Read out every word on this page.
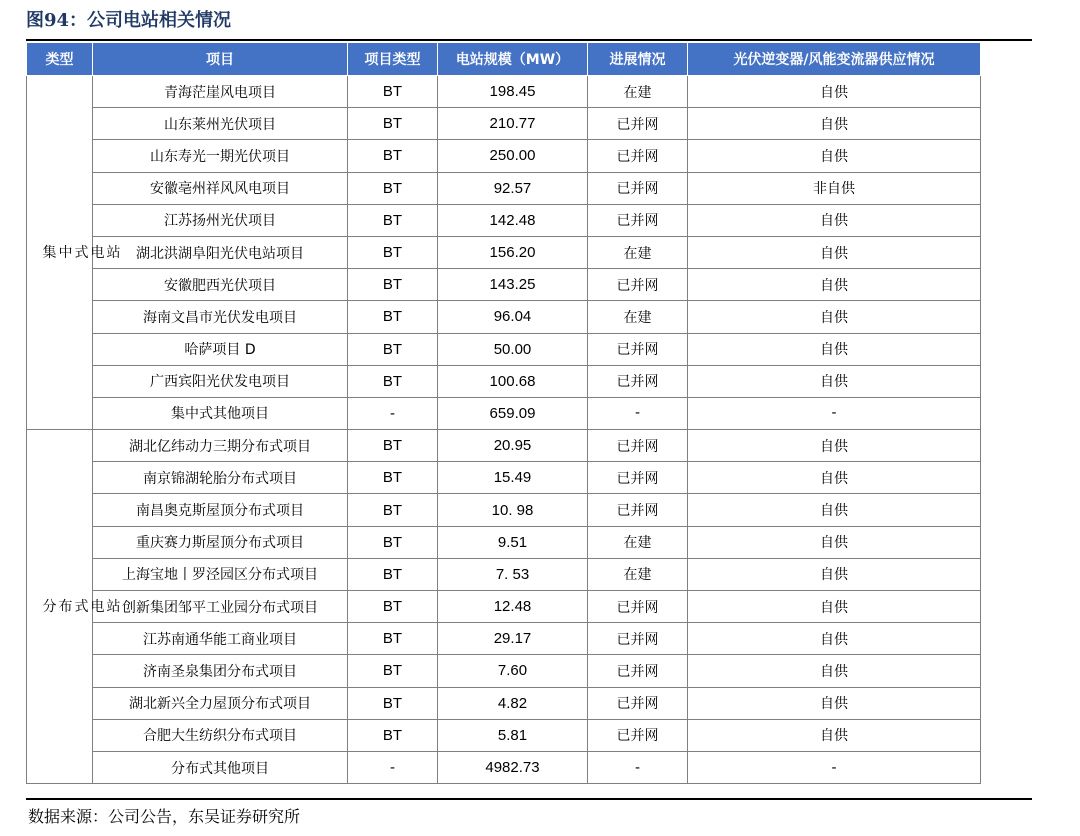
图94：公司电站相关情况
类型	项目	项目类型	电站规模（MW）	进展情况	光伏逆变器/风能变流器供应情况

集中式电站	青海茫崖风电项目	BT	198.45	在建	自供
	山东莱州光伏项目	BT	210.77	已并网	自供
	山东寿光一期光伏项目	BT	250.00	已并网	自供
	安徽亳州祥风风电项目	BT	92.57	已并网	非自供
	江苏扬州光伏项目	BT	142.48	已并网	自供
	湖北洪湖阜阳光伏电站项目	BT	156.20	在建	自供
	安徽肥西光伏项目	BT	143.25	已并网	自供
	海南文昌市光伏发电项目	BT	96.04	在建	自供
	哈萨项目 D	BT	50.00	已并网	自供
	广西宾阳光伏发电项目	BT	100.68	已并网	自供
	集中式其他项目	-	659.09	-	-

分布式电站	湖北亿纬动力三期分布式项目	BT	20.95	已并网	自供
	南京锦湖轮胎分布式项目	BT	15.49	已并网	自供
	南昌奥克斯屋顶分布式项目	BT	10. 98	已并网	自供
	重庆赛力斯屋顶分布式项目	BT	9.51	在建	自供
	上海宝地丨罗泾园区分布式项目	BT	7. 53	在建	自供
	创新集团邹平工业园分布式项目	BT	12.48	已并网	自供
	江苏南通华能工商业项目	BT	29.17	已并网	自供
	济南圣泉集团分布式项目	BT	7.60	已并网	自供
	湖北新兴全力屋顶分布式项目	BT	4.82	已并网	自供
	合肥大生纺织分布式项目	BT	5.81	已并网	自供
	分布式其他项目	-	4982.73	-	-
数据来源：公司公告，东吴证券研究所
